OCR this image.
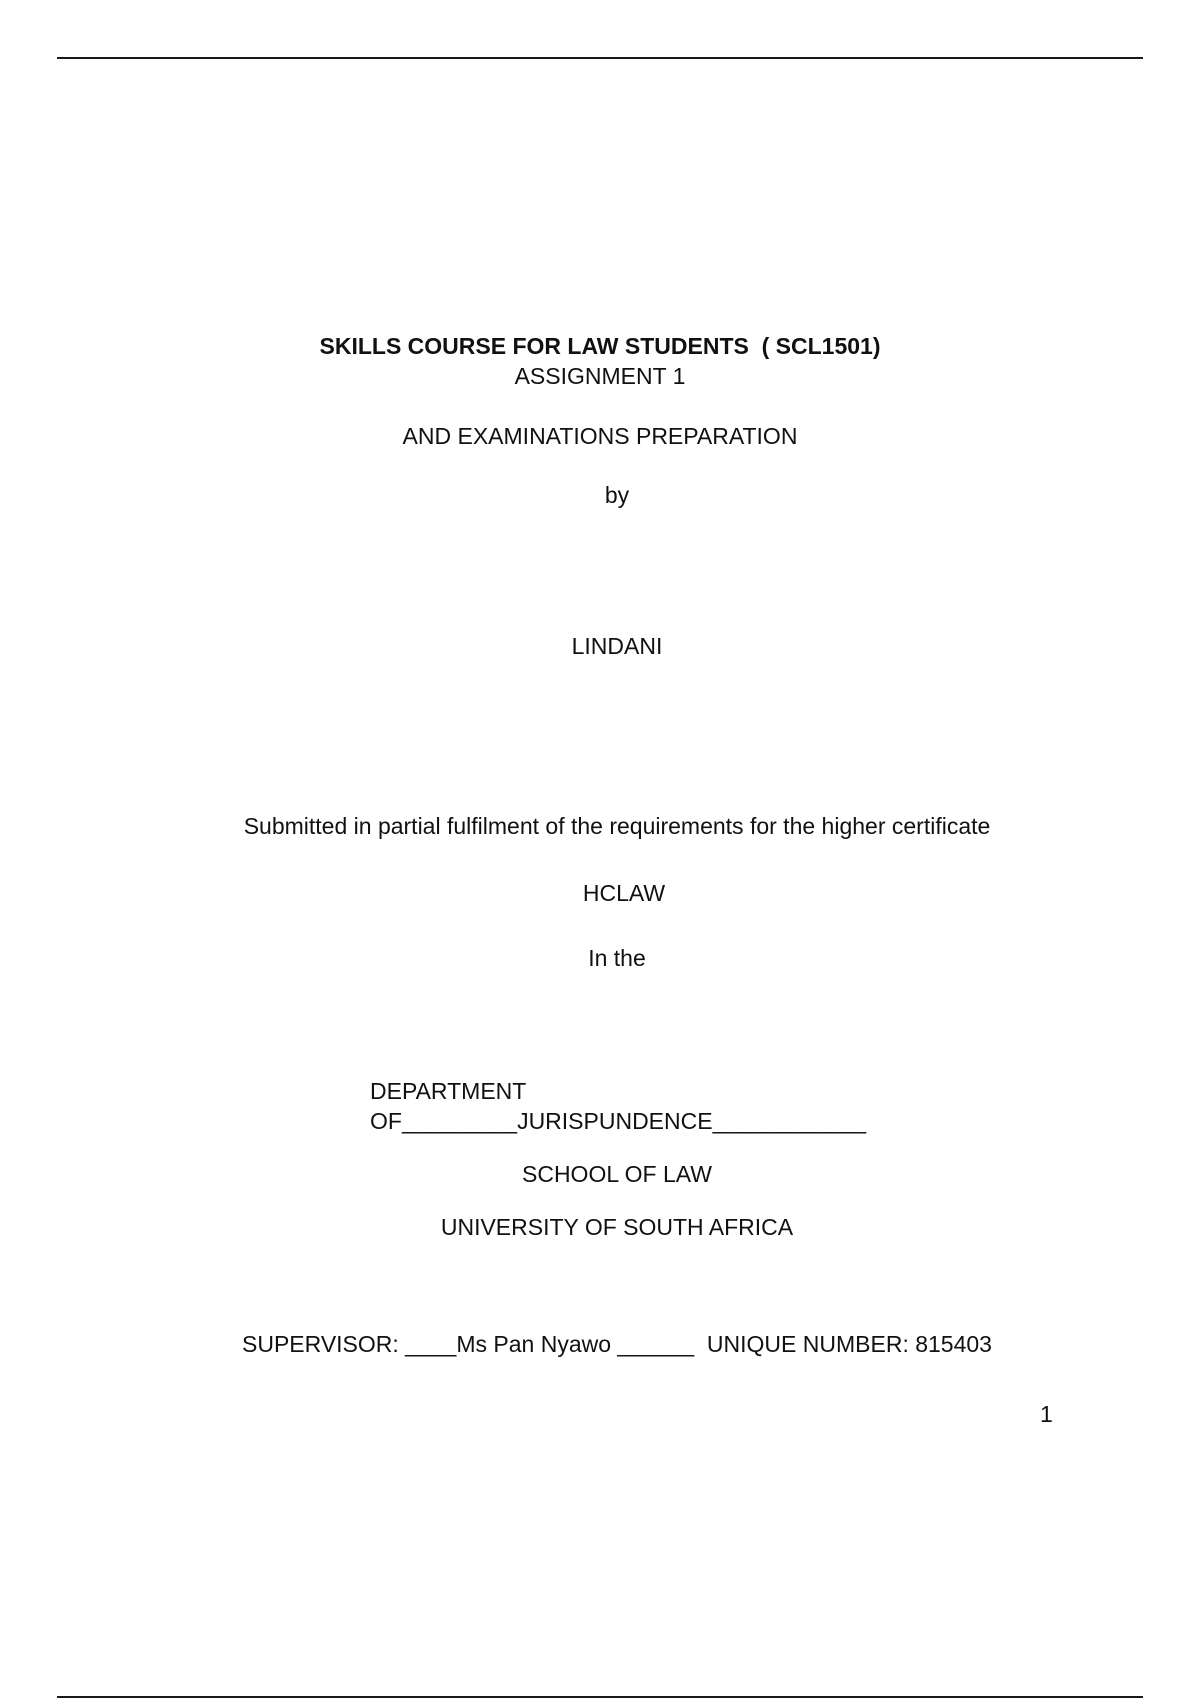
SKILLS COURSE FOR LAW STUDENTS  ( SCL1501)
ASSIGNMENT 1
AND EXAMINATIONS PREPARATION
by
LINDANI
Submitted in partial fulfilment of the requirements for the higher certificate
HCLAW
In the
DEPARTMENT
OF_________JURISPUNDENCE____________
SCHOOL OF LAW
UNIVERSITY OF SOUTH AFRICA
SUPERVISOR: ____Ms Pan Nyawo ______  UNIQUE NUMBER: 815403
1
